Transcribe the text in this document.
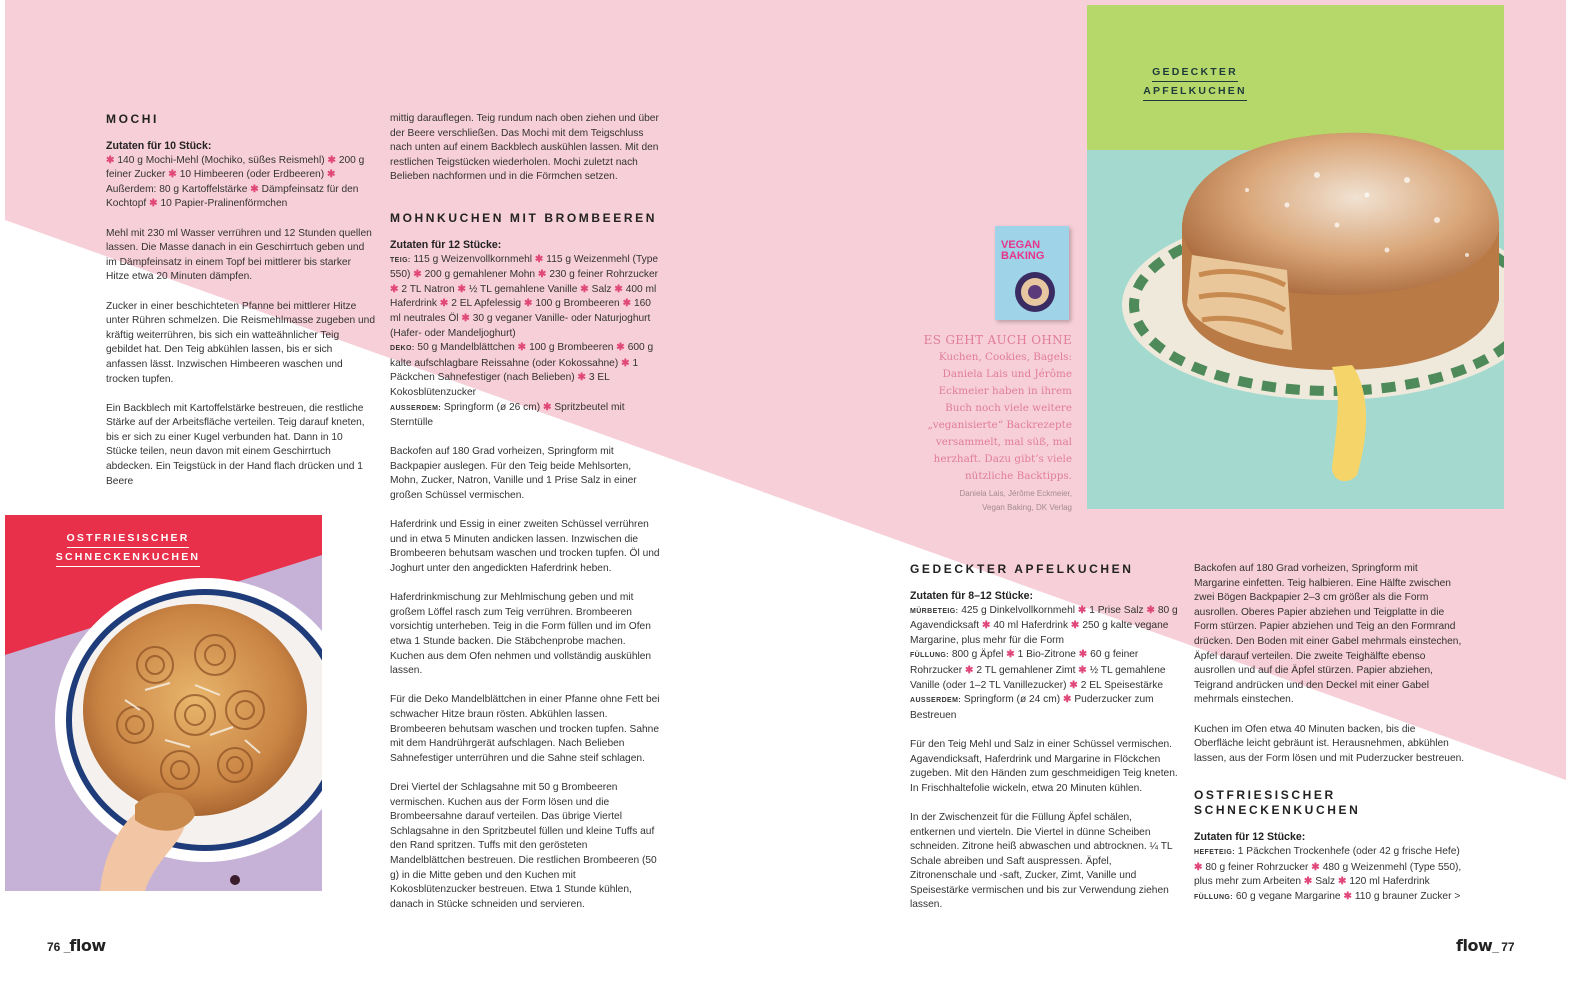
MOCHI
Zutaten für 10 Stück:
✱ 140 g Mochi-Mehl (Mochiko, süßes Reismehl) ✱ 200 g feiner Zucker ✱ 10 Himbeeren (oder Erdbeeren) ✱ Außerdem: 80 g Kartoffelstärke ✱ Dämpfeinsatz für den Kochtopf ✱ 10 Papier-Pralinenförmchen

Mehl mit 230 ml Wasser verrühren und 12 Stunden quellen lassen. Die Masse danach in ein Geschirrtuch geben und im Dämpfeinsatz in einem Topf bei mittlerer bis starker Hitze etwa 20 Minuten dämpfen.

Zucker in einer beschichteten Pfanne bei mittlerer Hitze unter Rühren schmelzen. Die Reismehlmasse zugeben und kräftig weiterrühren, bis sich ein watteähnlicher Teig gebildet hat. Den Teig abkühlen lassen, bis er sich anfassen lässt. Inzwischen Himbeeren waschen und trocken tupfen.

Ein Backblech mit Kartoffelstärke bestreuen, die restliche Stärke auf der Arbeitsfläche verteilen. Teig darauf kneten, bis er sich zu einer Kugel verbunden hat. Dann in 10 Stücke teilen, neun davon mit einem Geschirrtuch abdecken. Ein Teigstück in der Hand flach drücken und 1 Beere

OSTFRIESISCHER
SCHNECKENKUCHEN

mittig darauflegen. Teig rundum nach oben ziehen und über der Beere verschließen. Das Mochi mit dem Teigschluss nach unten auf einem Backblech auskühlen lassen. Mit den restlichen Teigstücken wiederholen. Mochi zuletzt nach Belieben nachformen und in die Förmchen setzen.

MOHNKUCHEN MIT BROMBEEREN
Zutaten für 12 Stücke:
TEIG: 115 g Weizenvollkornmehl ✱ 115 g Weizenmehl (Type 550) ✱ 200 g gemahlener Mohn ✱ 230 g feiner Rohrzucker ✱ 2 TL Natron ✱ ½ TL gemahlene Vanille ✱ Salz ✱ 400 ml Haferdrink ✱ 2 EL Apfelessig ✱ 100 g Brombeeren ✱ 160 ml neutrales Öl ✱ 30 g veganer Vanille- oder Naturjoghurt (Hafer- oder Mandeljoghurt)
DEKO: 50 g Mandelblättchen ✱ 100 g Brombeeren ✱ 600 g kalte aufschlagbare Reissahne (oder Kokossahne) ✱ 1 Päckchen Sahnefestiger (nach Belieben) ✱ 3 EL Kokosblütenzucker
AUSSERDEM: Springform (ø 26 cm) ✱ Spritzbeutel mit Sterntülle

Backofen auf 180 Grad vorheizen, Springform mit Backpapier auslegen. Für den Teig beide Mehlsorten, Mohn, Zucker, Natron, Vanille und 1 Prise Salz in einer großen Schüssel vermischen.

Haferdrink und Essig in einer zweiten Schüssel verrühren und in etwa 5 Minuten andicken lassen. Inzwischen die Brombeeren behutsam waschen und trocken tupfen. Öl und Joghurt unter den angedickten Haferdrink heben.

Haferdrinkmischung zur Mehlmischung geben und mit großem Löffel rasch zum Teig verrühren. Brombeeren vorsichtig unterheben. Teig in die Form füllen und im Ofen etwa 1 Stunde backen. Die Stäbchenprobe machen. Kuchen aus dem Ofen nehmen und vollständig auskühlen lassen.

Für die Deko Mandelblättchen in einer Pfanne ohne Fett bei schwacher Hitze braun rösten. Abkühlen lassen. Brombeeren behutsam waschen und trocken tupfen. Sahne mit dem Handrührgerät aufschlagen. Nach Belieben Sahnefestiger unterrühren und die Sahne steif schlagen.

Drei Viertel der Schlagsahne mit 50 g Brombeeren vermischen. Kuchen aus der Form lösen und die Brombeersahne darauf verteilen. Das übrige Viertel Schlagsahne in den Spritzbeutel füllen und kleine Tuffs auf den Rand spritzen. Tuffs mit den gerösteten Mandelblättchen bestreuen. Die restlichen Brombeeren (50 g) in die Mitte geben und den Kuchen mit Kokosblütenzucker bestreuen. Etwa 1 Stunde kühlen, danach in Stücke schneiden und servieren.

76 _flow
GEDECKTER
APFELKUCHEN
VEGAN
BAKING
ES GEHT AUCH OHNE
Kuchen, Cookies, Bagels: Daniela Lais und Jérôme Eckmeier haben in ihrem Buch noch viele weitere „veganisierte“ Backrezepte versammelt, mal süß, mal herzhaft. Dazu gibt’s viele nützliche Backtipps.
Daniela Lais, Jérôme Eckmeier,
Vegan Baking, DK Verlag
GEDECKTER APFELKUCHEN
Zutaten für 8–12 Stücke:
MÜRBETEIG: 425 g Dinkelvollkornmehl ✱ 1 Prise Salz ✱ 80 g Agavendicksaft ✱ 40 ml Haferdrink ✱ 250 g kalte vegane Margarine, plus mehr für die Form
FÜLLUNG: 800 g Äpfel ✱ 1 Bio-Zitrone ✱ 60 g feiner Rohrzucker ✱ 2 TL gemahlener Zimt ✱ ½ TL gemahlene Vanille (oder 1–2 TL Vanillezucker) ✱ 2 EL Speisestärke
AUSSERDEM: Springform (ø 24 cm) ✱ Puderzucker zum Bestreuen

Für den Teig Mehl und Salz in einer Schüssel vermischen. Agavendicksaft, Haferdrink und Margarine in Flöckchen zugeben. Mit den Händen zum geschmeidigen Teig kneten. In Frischhaltefolie wickeln, etwa 20 Minuten kühlen.

In der Zwischenzeit für die Füllung Äpfel schälen, entkernen und vierteln. Die Viertel in dünne Scheiben schneiden. Zitrone heiß abwaschen und abtrocknen. ¼ TL Schale abreiben und Saft auspressen. Äpfel, Zitronenschale und -saft, Zucker, Zimt, Vanille und Speisestärke vermischen und bis zur Verwendung ziehen lassen.

Backofen auf 180 Grad vorheizen, Springform mit Margarine einfetten. Teig halbieren. Eine Hälfte zwischen zwei Bögen Backpapier 2–3 cm größer als die Form ausrollen. Oberes Papier abziehen und Teigplatte in die Form stürzen. Papier abziehen und Teig an den Formrand drücken. Den Boden mit einer Gabel mehrmals einstechen, Äpfel darauf verteilen. Die zweite Teighälfte ebenso ausrollen und auf die Äpfel stürzen. Papier abziehen, Teigrand andrücken und den Deckel mit einer Gabel mehrmals einstechen.

Kuchen im Ofen etwa 40 Minuten backen, bis die Oberfläche leicht gebräunt ist. Herausnehmen, abkühlen lassen, aus der Form lösen und mit Puderzucker bestreuen.

OSTFRIESISCHER SCHNECKENKUCHEN
Zutaten für 12 Stücke:
HEFETEIG: 1 Päckchen Trockenhefe (oder 42 g frische Hefe) ✱ 80 g feiner Rohrzucker ✱ 480 g Weizenmehl (Type 550), plus mehr zum Arbeiten ✱ Salz ✱ 120 ml Haferdrink
FÜLLUNG: 60 g vegane Margarine ✱ 110 g brauner Zucker >
flow_ 77
